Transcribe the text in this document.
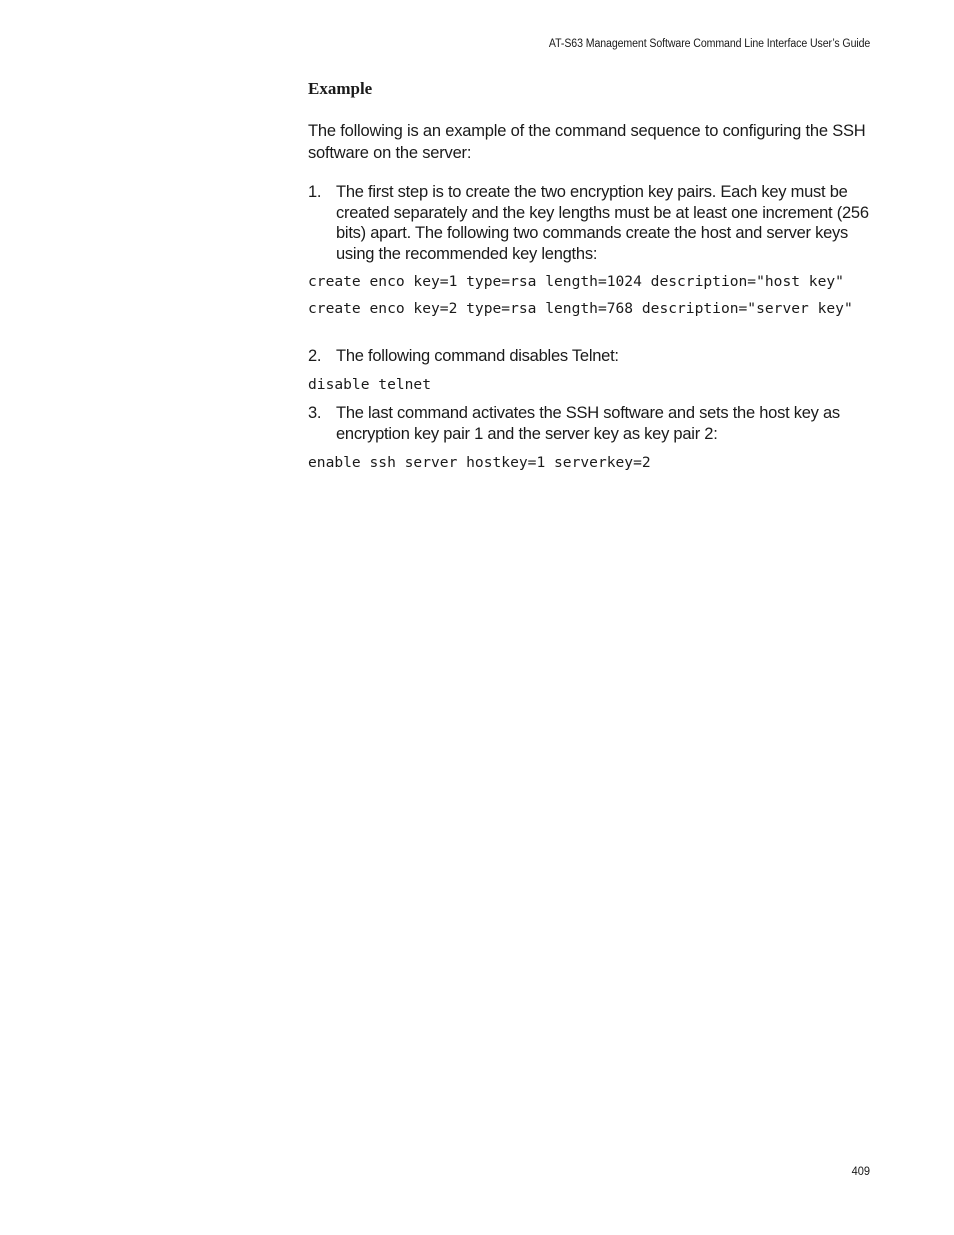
AT-S63 Management Software Command Line Interface User’s Guide
Example

The following is an example of the command sequence to configuring the SSH software on the server:

1. The first step is to create the two encryption key pairs. Each key must be created separately and the key lengths must be at least one increment (256 bits) apart. The following two commands create the host and server keys using the recommended key lengths:
create enco key=1 type=rsa length=1024 description="host key"
create enco key=2 type=rsa length=768 description="server key"
2. The following command disables Telnet:
disable telnet
3. The last command activates the SSH software and sets the host key as encryption key pair 1 and the server key as key pair 2:
enable ssh server hostkey=1 serverkey=2
409
